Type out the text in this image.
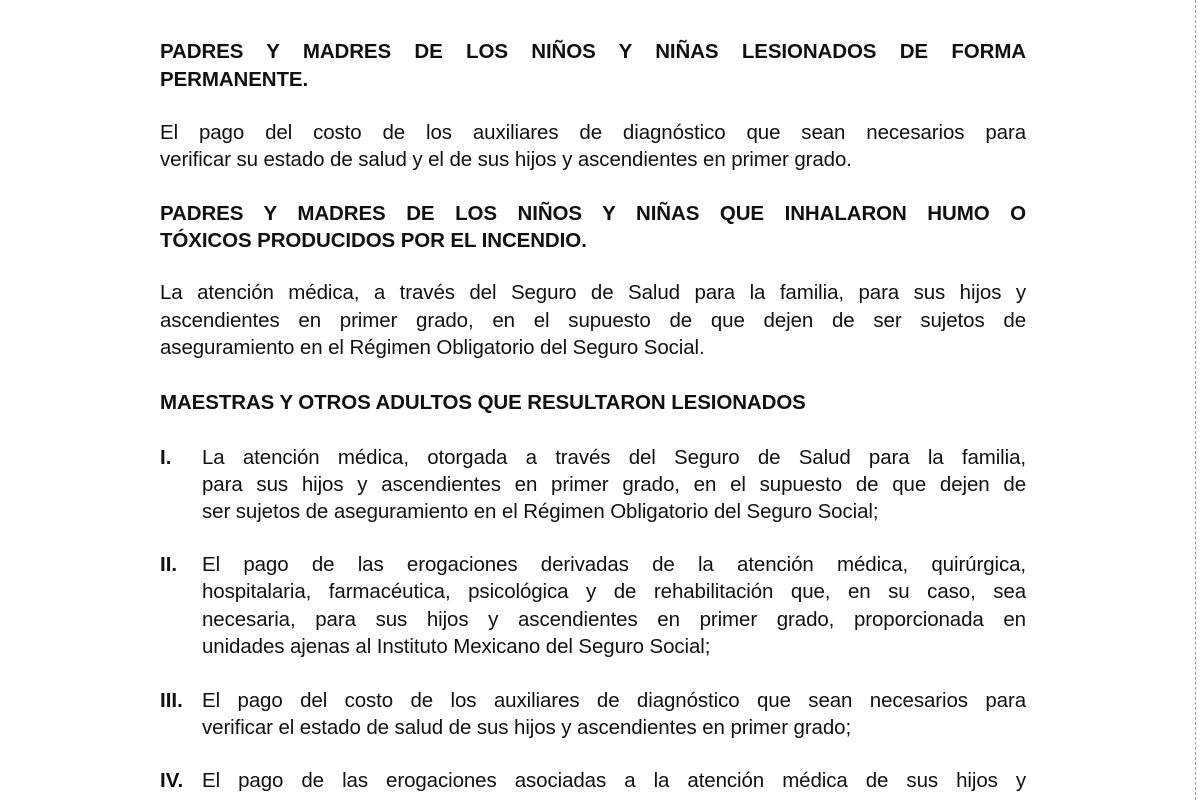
PADRES Y MADRES DE LOS NIÑOS Y NIÑAS LESIONADOS DE FORMA
PERMANENTE.
El pago del costo de los auxiliares de diagnóstico que sean necesarios para
verificar su estado de salud y el de sus hijos y ascendientes en primer grado.
PADRES Y MADRES DE LOS NIÑOS Y NIÑAS QUE INHALARON HUMO O
TÓXICOS PRODUCIDOS POR EL INCENDIO.
La atención médica, a través del Seguro de Salud para la familia, para sus hijos y
ascendientes en primer grado, en el supuesto de que dejen de ser sujetos de
aseguramiento en el Régimen Obligatorio del Seguro Social.
MAESTRAS Y OTROS ADULTOS QUE RESULTARON LESIONADOS
I. La atención médica, otorgada a través del Seguro de Salud para la familia,
para sus hijos y ascendientes en primer grado, en el supuesto de que dejen de
ser sujetos de aseguramiento en el Régimen Obligatorio del Seguro Social;
II. El pago de las erogaciones derivadas de la atención médica, quirúrgica,
hospitalaria, farmacéutica, psicológica y de rehabilitación que, en su caso, sea
necesaria, para sus hijos y ascendientes en primer grado, proporcionada en
unidades ajenas al Instituto Mexicano del Seguro Social;
III. El pago del costo de los auxiliares de diagnóstico que sean necesarios para
verificar el estado de salud de sus hijos y ascendientes en primer grado;
IV. El pago de las erogaciones asociadas a la atención médica de sus hijos y
